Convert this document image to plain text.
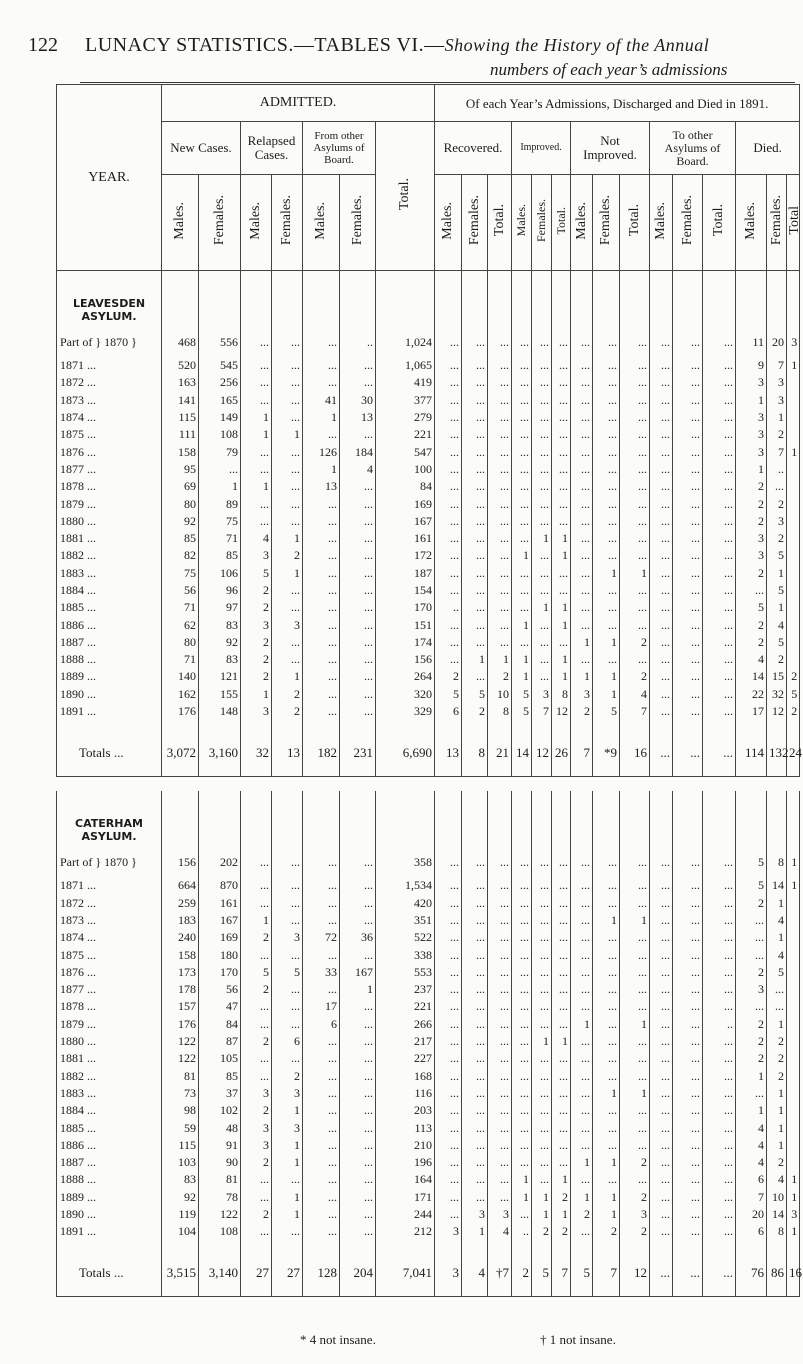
122 LUNACY STATISTICS.—TABLES VI.—Showing the History of the Annual
numbers of each year’s admissions
YEAR.	ADMITTED.							Of each Year’s Admissions, Discharged and Died in 1891.														
	New Cases.		Relapsed Cases.		From other Asylums of Board.		Total.	Recovered.			Improved.			Not Improved.			To other Asylums of Board.			Died.		
	Males.	Females.	Males.	Females.	Males.	Females.		Males.	Females.	Total.	Males.	Females.	Total.	Males.	Females.	Total.	Males.	Females.	Total.	Males.	Females.	Total
LEAVESDEN ASYLUM.																						
Part of } 1870 }	468	556	...	...	...	..	1,024	...	...	...	...	...	...	...	...	...	...	...	...	11	20	3
1871 ...	520	545	...	...	...	...	1,065	...	...	...	...	...	...	...	...	...	...	...	...	9	7	1
1872 ...	163	256	...	...	...	...	419	...	...	...	...	...	...	...	...	...	...	...	...	3	3	
1873 ...	141	165	...	...	41	30	377	...	...	...	...	...	...	...	...	...	...	...	...	1	3	
1874 ...	115	149	1	...	1	13	279	...	...	...	...	...	...	...	...	...	...	...	...	3	1	
1875 ...	111	108	1	1	...	...	221	...	...	...	...	...	...	...	...	...	...	...	...	3	2	
1876 ...	158	79	...	...	126	184	547	...	...	...	...	...	...	...	...	...	...	...	...	3	7	1
1877 ...	95	...	...	...	1	4	100	...	...	...	...	...	...	...	...	...	...	...	...	1	..	
1878 ...	69	1	1	...	13	...	84	...	...	...	...	...	...	...	...	...	...	...	...	2	...	
1879 ...	80	89	...	...	...	...	169	...	...	...	...	...	...	...	...	...	...	...	...	2	2	
1880 ...	92	75	...	...	...	...	167	...	...	...	...	...	...	...	...	...	...	...	...	2	3	
1881 ...	85	71	4	1	...	...	161	...	...	...	...	1	1	...	...	...	...	...	...	3	2	
1882 ...	82	85	3	2	...	...	172	...	...	...	1	...	1	...	...	...	...	...	...	3	5	
1883 ...	75	106	5	1	...	...	187	...	...	...	...	...	...	...	1	1	...	...	...	2	1	
1884 ...	56	96	2	...	...	...	154	...	...	...	...	...	...	...	...	...	...	...	...	...	5	
1885 ...	71	97	2	...	...	...	170	..	...	...	...	1	1	...	...	...	...	...	...	5	1	
1886 ...	62	83	3	3	...	...	151	...	...	...	1	...	1	...	...	...	...	...	...	2	4	
1887 ...	80	92	2	...	...	...	174	...	...	...	...	...	...	1	1	2	...	...	...	2	5	
1888 ...	71	83	2	...	...	...	156	...	1	1	1	...	1	...	...	...	...	...	...	4	2	
1889 ...	140	121	2	1	...	...	264	2	...	2	1	...	1	1	1	2	...	...	...	14	15	2
1890 ...	162	155	1	2	...	...	320	5	5	10	5	3	8	3	1	4	...	...	...	22	32	5
1891 ...	176	148	3	2	...	...	329	6	2	8	5	7	12	2	5	7	...	...	...	17	12	2

Totals ...	3,072	3,160	32	13	182	231	6,690	13	8	21	14	12	26	7	*9	16	...	...	...	114	132	24

CATERHAM ASYLUM.																						
Part of } 1870 }	156	202	...	...	...	...	358	...	...	...	...	...	...	...	...	...	...	...	...	5	8	1
1871 ...	664	870	...	...	...	...	1,534	...	...	...	...	...	...	...	...	...	...	...	...	5	14	1
1872 ...	259	161	...	...	...	...	420	...	...	...	...	...	...	...	...	...	...	...	...	2	1	
1873 ...	183	167	1	...	...	...	351	...	...	...	...	...	...	...	1	1	...	...	...	...	4	
1874 ...	240	169	2	3	72	36	522	...	...	...	...	...	...	...	...	...	...	...	...	...	1	
1875 ...	158	180	...	...	...	...	338	...	...	...	...	...	...	...	...	...	...	...	...	...	4	
1876 ...	173	170	5	5	33	167	553	...	...	...	...	...	...	...	...	...	...	...	...	2	5	
1877 ...	178	56	2	...	...	1	237	...	...	...	...	...	...	...	...	...	...	...	...	3	...	
1878 ...	157	47	...	...	17	...	221	...	...	...	...	...	...	...	...	...	...	...	...	...	...	
1879 ...	176	84	...	...	6	...	266	...	...	...	...	...	...	1	...	1	...	...	..	2	1	
1880 ...	122	87	2	6	...	...	217	...	...	...	...	1	1	...	...	...	...	...	...	2	2	
1881 ...	122	105	...	...	...	...	227	...	...	...	...	...	...	...	...	...	...	...	...	2	2	
1882 ...	81	85	...	2	...	...	168	...	...	...	...	...	...	...	...	...	...	...	...	1	2	
1883 ...	73	37	3	3	...	...	116	...	...	...	...	...	...	...	1	1	...	...	...	...	1	
1884 ...	98	102	2	1	...	...	203	...	...	...	...	...	...	...	...	...	...	...	...	1	1	
1885 ...	59	48	3	3	...	...	113	...	...	...	...	...	...	...	...	...	...	...	...	4	1	
1886 ...	115	91	3	1	...	...	210	...	...	...	...	...	...	...	...	...	...	...	...	4	1	
1887 ...	103	90	2	1	...	...	196	...	...	...	...	...	...	1	1	2	...	...	...	4	2	
1888 ...	83	81	...	...	...	...	164	...	...	...	1	...	1	...	...	...	...	...	...	6	4	1
1889 ...	92	78	...	1	...	...	171	...	...	...	1	1	2	1	1	2	...	...	...	7	10	1
1890 ...	119	122	2	1	...	...	244	...	3	3	...	1	1	2	1	3	...	...	...	20	14	3
1891 ...	104	108	...	...	...	...	212	3	1	4	..	2	2	...	2	2	...	...	...	6	8	1

Totals ...	3,515	3,140	27	27	128	204	7,041	3	4	†7	2	5	7	5	7	12	...	...	...	76	86	16
* 4 not insane.	† 1 not insane.
